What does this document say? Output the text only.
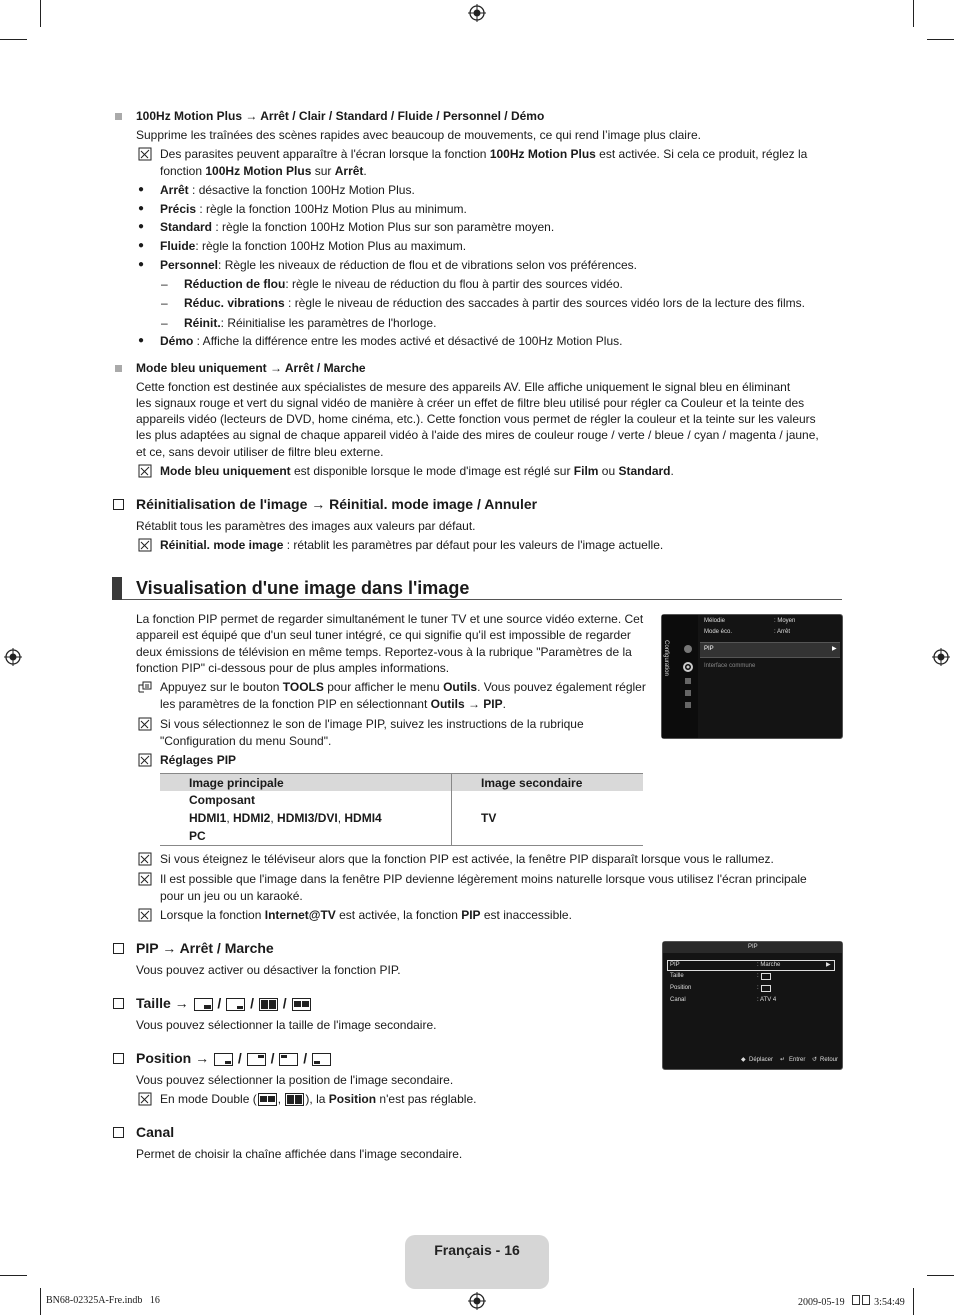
100Hz Motion Plus → Arrêt / Clair / Standard / Fluide / Personnel / Démo
Supprime les traînées des scènes rapides avec beaucoup de mouvements, ce qui rend l’image plus claire.
Des parasites peuvent apparaître à l'écran lorsque la fonction 100Hz Motion Plus est activée. Si cela ce produit, réglez la
fonction 100Hz Motion Plus sur Arrêt.
● Arrêt : désactive la fonction 100Hz Motion Plus.
● Précis : règle la fonction 100Hz Motion Plus au minimum.
● Standard : règle la fonction 100Hz Motion Plus sur son paramètre moyen.
● Fluide: règle la fonction 100Hz Motion Plus au maximum.
● Personnel: Règle les niveaux de réduction de flou et de vibrations selon vos préférences.
– Réduction de flou: règle le niveau de réduction du flou à partir des sources vidéo.
– Réduc. vibrations : règle le niveau de réduction des saccades à partir des sources vidéo lors de la lecture des films.
– Réinit.: Réinitialise les paramètres de l'horloge.
● Démo : Affiche la différence entre les modes activé et désactivé de 100Hz Motion Plus.
Mode bleu uniquement → Arrêt / Marche
Cette fonction est destinée aux spécialistes de mesure des appareils AV. Elle affiche uniquement le signal bleu en éliminant
les signaux rouge et vert du signal vidéo de manière à créer un effet de filtre bleu utilisé pour régler ca Couleur et la teinte des
appareils vidéo (lecteurs de DVD, home cinéma, etc.). Cette fonction vous permet de régler la couleur et la teinte sur les valeurs
les plus adaptées au signal de chaque appareil vidéo à l'aide des mires de couleur rouge / verte / bleue / cyan / magenta / jaune,
et ce, sans devoir utiliser de filtre bleu externe.
Mode bleu uniquement est disponible lorsque le mode d'image est réglé sur Film ou Standard.
Réinitialisation de l'image → Réinitial. mode image / Annuler
Rétablit tous les paramètres des images aux valeurs par défaut.
Réinitial. mode image : rétablit les paramètres par défaut pour les valeurs de l'image actuelle.
Visualisation d'une image dans l'image
La fonction PIP permet de regarder simultanément le tuner TV et une source vidéo externe. Cet
appareil est équipé que d'un seul tuner intégré, ce qui signifie qu'il est impossible de regarder
deux émissions de télévision en même temps. Reportez-vous à la rubrique "Paramètres de la
fonction PIP" ci-dessous pour de plus amples informations.
Appuyez sur le bouton TOOLS pour afficher le menu Outils. Vous pouvez également régler
les paramètres de la fonction PIP en sélectionnant Outils → PIP.
Si vous sélectionnez le son de l'image PIP, suivez les instructions de la rubrique
"Configuration du menu Sound".
Réglages PIP
Image principale	Image secondaire

Composant
HDMI1, HDMI2, HDMI3/DVI, HDMI4
PC	TV
Si vous éteignez le téléviseur alors que la fonction PIP est activée, la fenêtre PIP disparaît lorsque vous le rallumez.
Il est possible que l'image dans la fenêtre PIP devienne légèrement moins naturelle lorsque vous utilisez l'écran principale
pour un jeu ou un karaoké.
Lorsque la fonction Internet@TV est activée, la fonction PIP est inaccessible.
PIP → Arrêt / Marche
Vous pouvez activer ou désactiver la fonction PIP.
Taille →
/
/
/
Vous pouvez sélectionner la taille de l'image secondaire.
Position →
/
/
/
Vous pouvez sélectionner la position de l'image secondaire.
En mode Double ( ,
), la Position n'est pas réglable.
Canal
Permet de choisir la chaîne affichée dans l'image secondaire.
Configuration
Mélodie	: Moyen
Mode éco.	: Arrêt
PIP	▶
Interface commune
PIP
PIP	: Marche	▶
Taille	:
Position	:
Canal	: ATV 4
◆ Déplacer ↵ Entrer ↺ Retour
Français - 16
BN68-02325A-Fre.indb   16	2009-05-19   3:54:49
